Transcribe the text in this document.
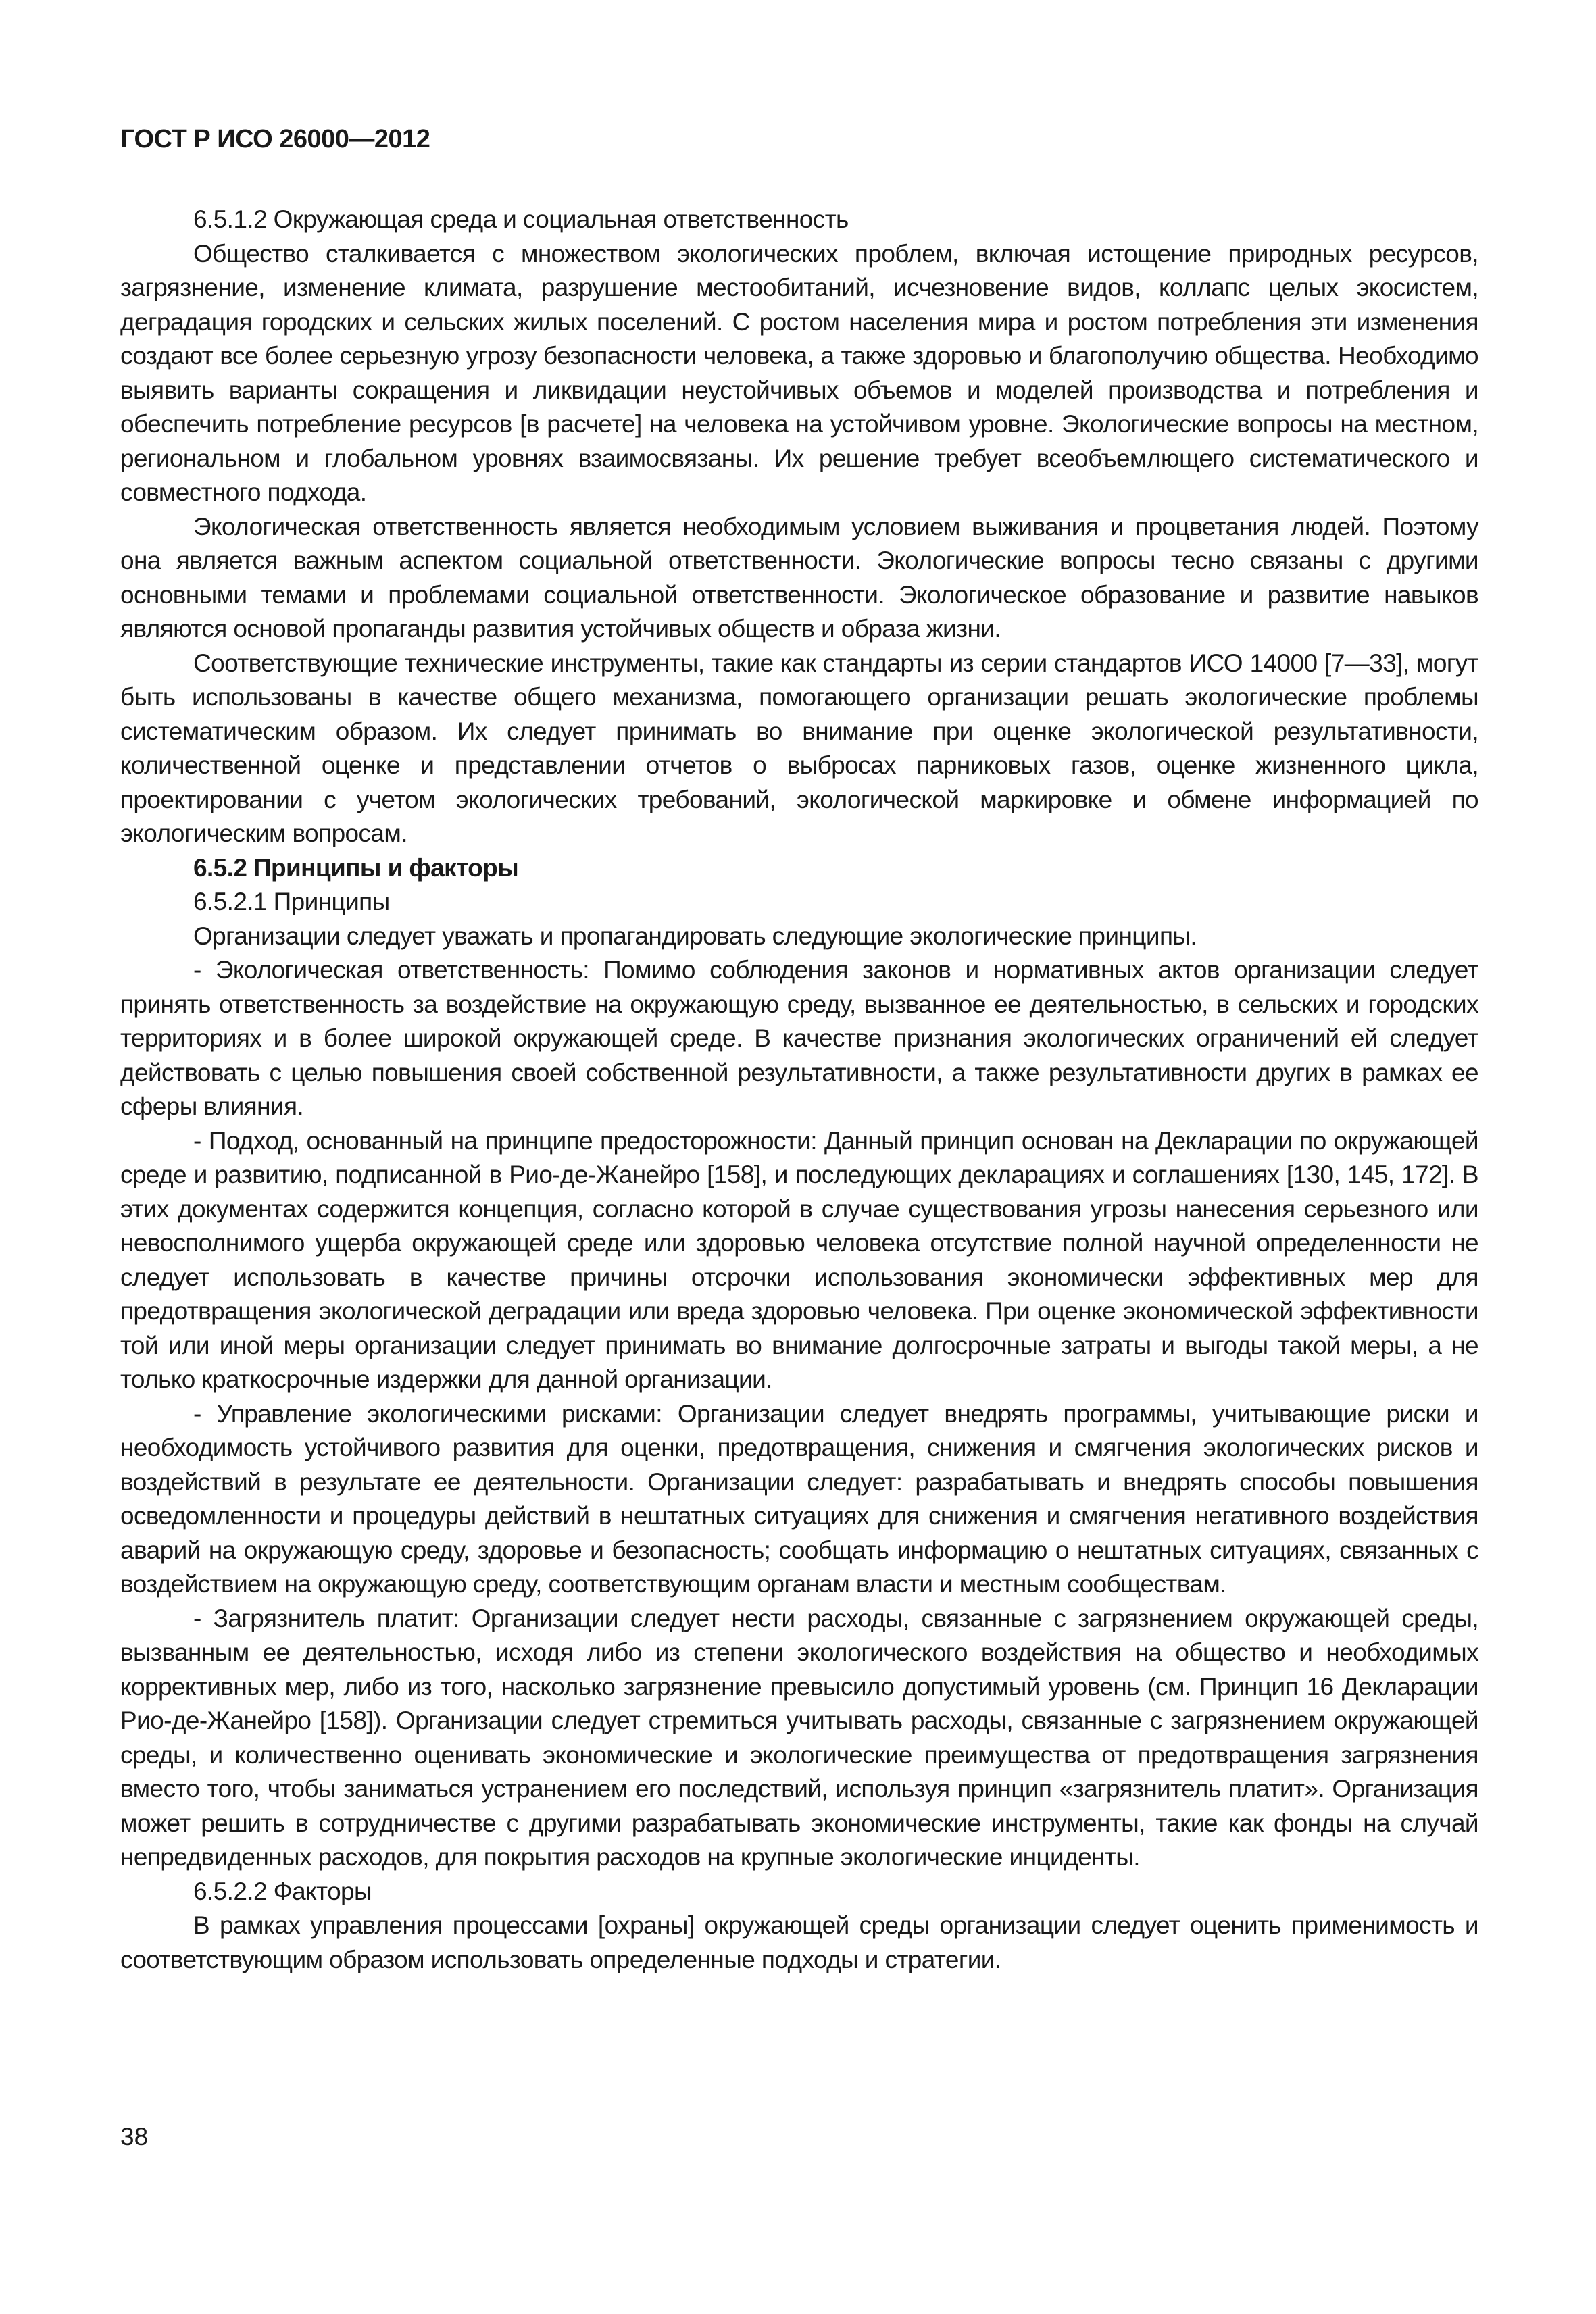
ГОСТ Р ИСО 26000—2012

6.5.1.2 Окружающая среда и социальная ответственность

Общество сталкивается с множеством экологических проблем, включая истощение природных ресурсов, загрязнение, изменение климата, разрушение местообитаний, исчезновение видов, коллапс целых экосистем, деградация городских и сельских жилых поселений. С ростом населения мира и ростом потребления эти изменения создают все более серьезную угрозу безопасности человека, а также здоровью и благополучию общества. Необходимо выявить варианты сокращения и ликвидации неустойчивых объемов и моделей производства и потребления и обеспечить потребление ресурсов [в расчете] на человека на устойчивом уровне. Экологические вопросы на местном, региональном и глобальном уровнях взаимосвязаны. Их решение требует всеобъемлющего систематического и совместного подхода.

Экологическая ответственность является необходимым условием выживания и процветания людей. Поэтому она является важным аспектом социальной ответственности. Экологические вопросы тесно связаны с другими основными темами и проблемами социальной ответственности. Экологическое образование и развитие навыков являются основой пропаганды развития устойчивых обществ и образа жизни.

Соответствующие технические инструменты, такие как стандарты из серии стандартов ИСО 14000 [7—33], могут быть использованы в качестве общего механизма, помогающего организации решать экологические проблемы систематическим образом. Их следует принимать во внимание при оценке экологической результативности, количественной оценке и представлении отчетов о выбросах парниковых газов, оценке жизненного цикла, проектировании с учетом экологических требований, экологической маркировке и обмене информацией по экологическим вопросам.

6.5.2 Принципы и факторы

6.5.2.1 Принципы

Организации следует уважать и пропагандировать следующие экологические принципы.

- Экологическая ответственность: Помимо соблюдения законов и нормативных актов организации следует принять ответственность за воздействие на окружающую среду, вызванное ее деятельностью, в сельских и городских территориях и в более широкой окружающей среде. В качестве признания экологических ограничений ей следует действовать с целью повышения своей собственной результативности, а также результативности других в рамках ее сферы влияния.

- Подход, основанный на принципе предосторожности: Данный принцип основан на Декларации по окружающей среде и развитию, подписанной в Рио-де-Жанейро [158], и последующих декларациях и соглашениях [130, 145, 172]. В этих документах содержится концепция, согласно которой в случае существования угрозы нанесения серьезного или невосполнимого ущерба окружающей среде или здоровью человека отсутствие полной научной определенности не следует использовать в качестве причины отсрочки использования экономически эффективных мер для предотвращения экологической деградации или вреда здоровью человека. При оценке экономической эффективности той или иной меры организации следует принимать во внимание долгосрочные затраты и выгоды такой меры, а не только краткосрочные издержки для данной организации.

- Управление экологическими рисками: Организации следует внедрять программы, учитывающие риски и необходимость устойчивого развития для оценки, предотвращения, снижения и смягчения экологических рисков и воздействий в результате ее деятельности. Организации следует: разрабатывать и внедрять способы повышения осведомленности и процедуры действий в нештатных ситуациях для снижения и смягчения негативного воздействия аварий на окружающую среду, здоровье и безопасность; сообщать информацию о нештатных ситуациях, связанных с воздействием на окружающую среду, соответствующим органам власти и местным сообществам.

- Загрязнитель платит: Организации следует нести расходы, связанные с загрязнением окружающей среды, вызванным ее деятельностью, исходя либо из степени экологического воздействия на общество и необходимых коррективных мер, либо из того, насколько загрязнение превысило допустимый уровень (см. Принцип 16 Декларации Рио-де-Жанейро [158]). Организации следует стремиться учитывать расходы, связанные с загрязнением окружающей среды, и количественно оценивать экономические и экологические преимущества от предотвращения загрязнения вместо того, чтобы заниматься устранением его последствий, используя принцип «загрязнитель платит». Организация может решить в сотрудничестве с другими разрабатывать экономические инструменты, такие как фонды на случай непредвиденных расходов, для покрытия расходов на крупные экологические инциденты.

6.5.2.2 Факторы

В рамках управления процессами [охраны] окружающей среды организации следует оценить применимость и соответствующим образом использовать определенные подходы и стратегии.

38
